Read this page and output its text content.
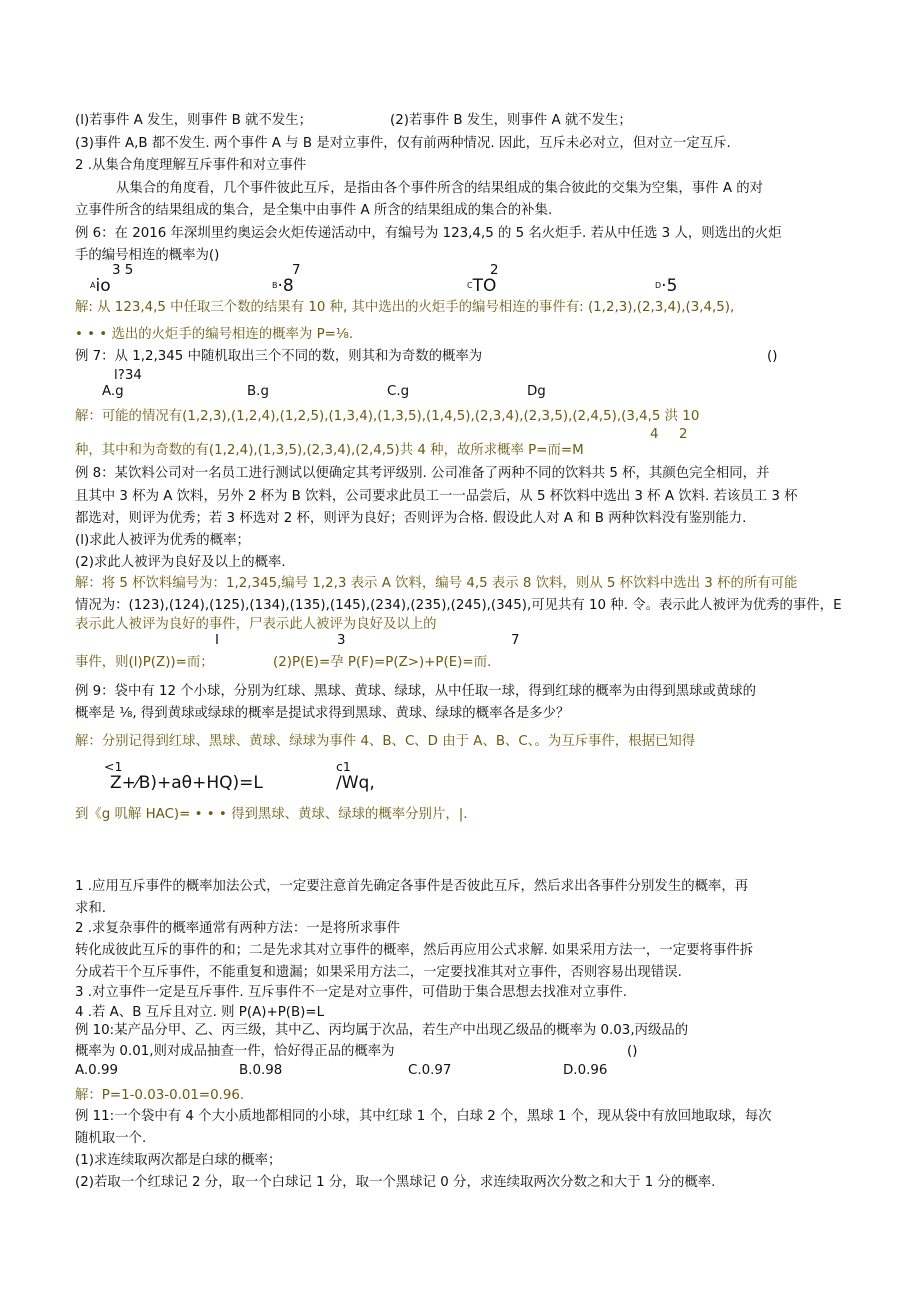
(l)若事件 A 发生，则事件 B 就不发生；	(2)若事件 B 发生，则事件 A 就不发生；
(3)事件 A,B 都不发生. 两个事件 A 与 B 是对立事件，仅有前两种情况. 因此，互斥未必对立，但对立一定互斥.
2 .从集合角度理解互斥事件和对立事件
从集合的角度看，几个事件彼此互斥，是指由各个事件所含的结果组成的集合彼此的交集为空集，事件 A 的对
立事件所含的结果组成的集合，是全集中由事件 A 所含的结果组成的集合的补集.
例 6：在 2016 年深圳里约奥运会火炬传递活动中，有编号为 123,4,5 的 5 名火炬手. 若从中任选 3 人，则选出的火炬
手的编号相连的概率为()
3 5	7	2
$^A$io	$^B$·8	$^C$TO	$^D$·5
解: 从 123,4,5 中任取三个数的结果有 10 种, 其中选出的火炬手的编号相连的事件有: (1,2,3),(2,3,4),(3,4,5),
• • • 选出的火炬手的编号相连的概率为 P=⅛.
例 7：从 1,2,345 中随机取出三个不同的数，则其和为奇数的概率为	()
l?34
A.g	B.g	C.g	Dg
解：可能的情况有(1,2,3),(1,2,4),(1,2,5),(1,3,4),(1,3,5),(1,4,5),(2,3,4),(2,3,5),(2,4,5),(3,4,5 洪 10
4 2
种，其中和为奇数的有(1,2,4),(1,3,5),(2,3,4),(2,4,5)共 4 种，故所求概率 P=而=M
例 8：某饮料公司对一名员工进行测试以便确定其考评级别. 公司准备了两种不同的饮料共 5 杯，其颜色完全相同，并
且其中 3 杯为 A 饮料，另外 2 杯为 B 饮料，公司要求此员工一一品尝后，从 5 杯饮料中选出 3 杯 A 饮料. 若该员工 3 杯
都选对，则评为优秀；若 3 杯选对 2 杯，则评为良好；否则评为合格. 假设此人对 A 和 B 两种饮料没有鉴别能力.
(l)求此人被评为优秀的概率；
(2)求此人被评为良好及以上的概率.
解：将 5 杯饮料编号为：1,2,345,编号 1,2,3 表示 A 饮料，编号 4,5 表示 8 饮料，则从 5 杯饮料中选出 3 杯的所有可能
情况为：(123),(124),(125),(134),(135),(145),(234),(235),(245),(345),可见共有 10 种. 令。表示此人被评为优秀的事件，E
表示此人被评为良好的事件，尸表示此人被评为良好及以上的
I	3	7
事件，则(l)P(Z))=而；	(2)P(E)=孕 P(F)=P(Z>)+P(E)=而.
例 9：袋中有 12 个小球，分别为红球、黑球、黄球、绿球，从中任取一球，得到红球的概率为由得到黑球或黄球的
概率是 ⅛, 得到黄球或绿球的概率是提试求得到黑球、黄球、绿球的概率各是多少？
解：分别记得到红球、黑球、黄球、绿球为事件 4、B、C、D 由于 A、B、C、。为互斥事件，根据已知得
<1	c1
Z+⁄B)+aθ+HQ)=L	/Wq,
到《g 叽解 HAC)= • • • 得到黑球、黄球、绿球的概率分别片，|.
1 .应用互斥事件的概率加法公式，一定要注意首先确定各事件是否彼此互斥，然后求出各事件分别发生的概率，再
求和.
2 .求复杂事件的概率通常有两种方法：一是将所求事件
转化成彼此互斥的事件的和；二是先求其对立事件的概率，然后再应用公式求解. 如果采用方法一，一定要将事件拆
分成若干个互斥事件，不能重复和遗漏；如果采用方法二，一定要找准其对立事件，否则容易出现错误.
3 .对立事件一定是互斥事件. 互斥事件不一定是对立事件，可借助于集合思想去找准对立事件.
4 .若 A、B 互斥且对立. 则 P(A)+P(B)=L
例 10:某产品分甲、乙、丙三级，其中乙、丙均属于次品，若生产中出现乙级品的概率为 0.03,丙级品的
概率为 0.01,则对成品抽查一件，恰好得正品的概率为	()
A.0.99	B.0.98	C.0.97	D.0.96
解：P=1-0.03-0.01=0.96.
例 11:一个袋中有 4 个大小质地都相同的小球，其中红球 1 个，白球 2 个，黑球 1 个，现从袋中有放回地取球，每次
随机取一个.
(1)求连续取两次都是白球的概率；
(2)若取一个红球记 2 分，取一个白球记 1 分，取一个黑球记 0 分，求连续取两次分数之和大于 1 分的概率.
